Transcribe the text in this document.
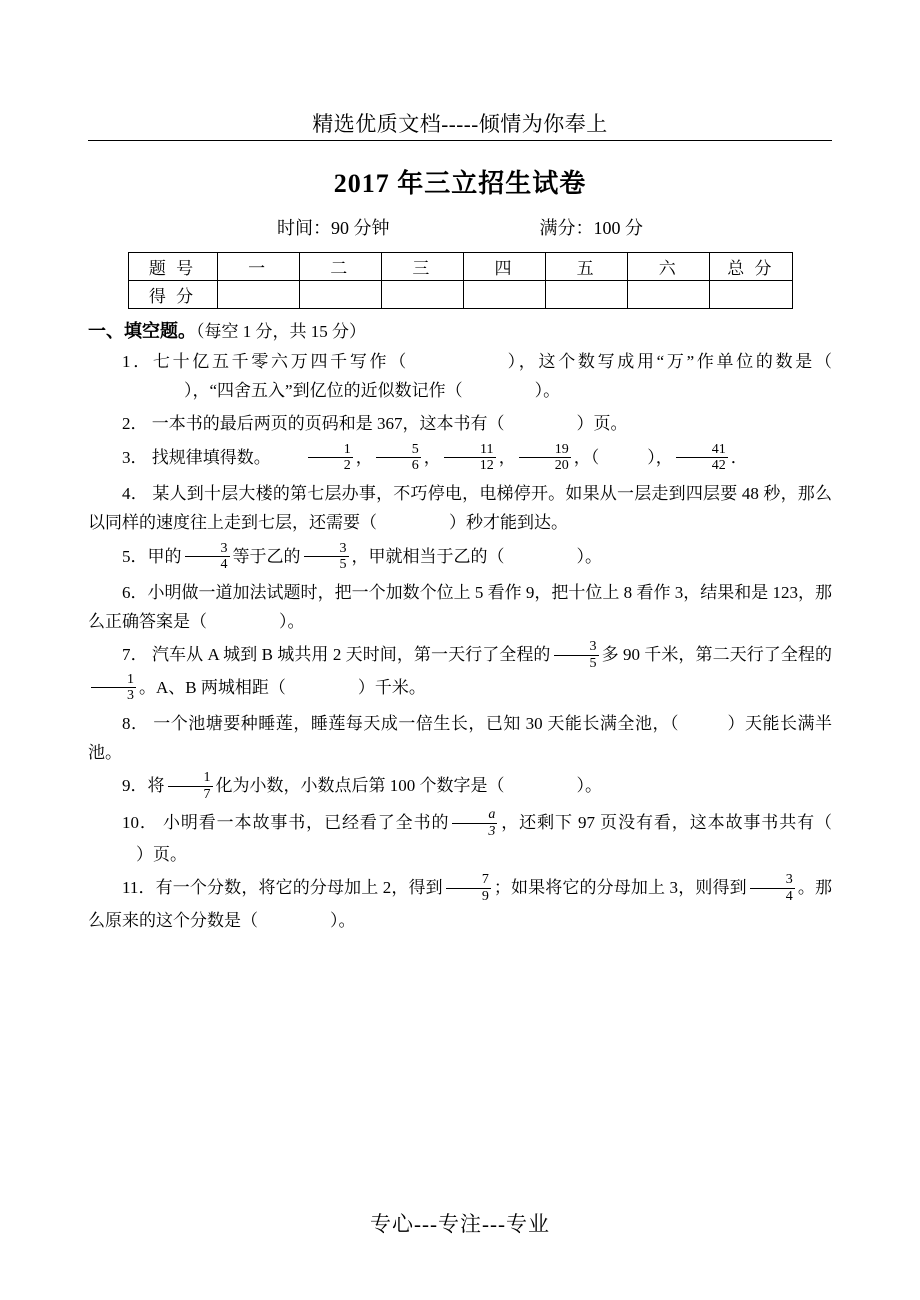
精选优质文档-----倾情为你奉上
2017 年三立招生试卷
时间：90 分钟	满分：100 分
题 号	一	二	三	四	五	六	总 分
得 分							
一、填空题。（每空 1 分，共 15 分）

1．七十亿五千零六万四千写作（	），这个数写成用“万”作单位的数是（），“四舍五入”到亿位的近似数记作（	）。

2． 一本书的最后两页的页码和是 367，这本书有（	）页。

3． 找规律填得数。	$\frac{1}{2}$ ， $\frac{5}{6}$ ， $\frac{11}{12}$ ， $\frac{19}{20}$ ，（	）， $\frac{41}{42}$ ．

4． 某人到十层大楼的第七层办事，不巧停电，电梯停开。如果从一层走到四层要 48 秒，那么以同样的速度往上走到七层，还需要（	）秒才能到达。

5．甲的 $\frac{3}{4}$ 等于乙的 $\frac{3}{5}$ ，甲就相当于乙的（	）。

6．小明做一道加法试题时，把一个加数个位上 5 看作 9，把十位上 8 看作 3，结果和是 123，那么正确答案是（	）。

7． 汽车从 A 城到 B 城共用 2 天时间，第一天行了全程的 $\frac{3}{5}$ 多 90 千米，第二天行了全程的
$\frac{1}{3}$ 。A、B 两城相距（	）千米。

8． 一个池塘要种睡莲，睡莲每天成一倍生长，已知 30 天能长满全池，（	）天能长满半池。

9．将 $\frac{1}{7}$ 化为小数，小数点后第 100 个数字是（	）。

10． 小明看一本故事书，已经看了全书的 $\frac{a}{3}$ ，还剩下 97 页没有看，这本故事书共有（）页。

11．有一个分数，将它的分母加上 2，得到 $\frac{7}{9}$ ；如果将它的分母加上 3，则得到 $\frac{3}{4}$ 。那么原来的这个分数是（	）。

专心---专注---专业
